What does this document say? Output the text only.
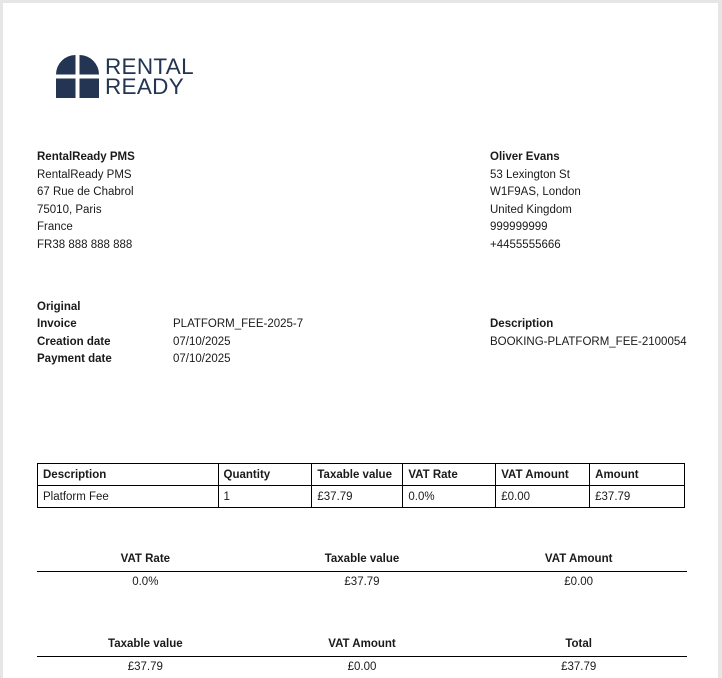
RENTAL
READY
RentalReady PMS
RentalReady PMS
67 Rue de Chabrol
75010, Paris
France
FR38 888 888 888
Oliver Evans
53 Lexington St
W1F9AS, London
United Kingdom
999999999
+4455555666
Original
Invoice	PLATFORM_FEE-2025-7
Creation date	07/10/2025
Payment date	07/10/2025
Description
BOOKING-PLATFORM_FEE-2100054
Description	Quantity	Taxable value	VAT Rate	VAT Amount	Amount
Platform Fee	1	£37.79	0.0%	£0.00	£37.79
VAT Rate	Taxable value	VAT Amount
0.0%	£37.79	£0.00
Taxable value	VAT Amount	Total
£37.79	£0.00	£37.79
